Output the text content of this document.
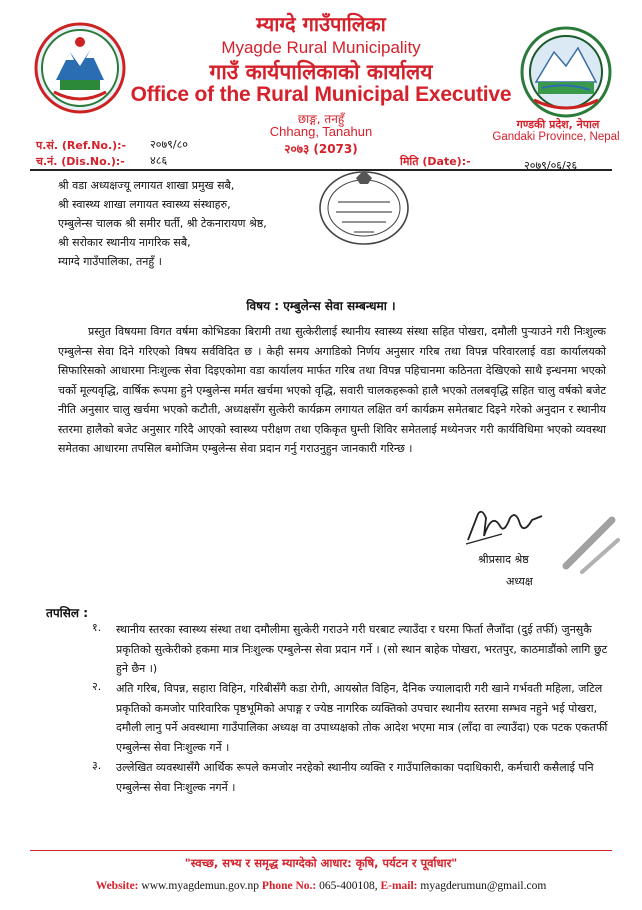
म्याग्दे गाउँपालिका
Myagde Rural Municipality
गाउँ कार्यपालिकाको कार्यालय
Office of the Rural Municipal Executive
छाङ्ग, तनहुँ
Chhang, Tanahun
२०७३ (2073)
गण्डकी प्रदेश, नेपाल
Gandaki Province, Nepal
प.सं. (Ref.No.):- २०७९/८०
च.नं. (Dis.No.):- ४८६	मिति (Date):-	२०७९/०६/२६
श्री वडा अध्यक्षज्यू लगायत शाखा प्रमुख सबै,
श्री स्वास्थ्य शाखा लगायत स्वास्थ्य संस्थाहरु,
एम्बुलेन्स चालक श्री समीर घर्ती, श्री टेकनारायण श्रेष्ठ,
श्री सरोकार स्थानीय नागरिक सबै,
म्याग्दे गाउँपालिका, तनहुँ ।
विषय : एम्बुलेन्स सेवा सम्बन्धमा ।
प्रस्तुत विषयमा विगत वर्षमा कोभिडका बिरामी तथा सुत्केरीलाई स्थानीय स्वास्थ्य संस्था सहित पोखरा, दमौली पुऱ्याउने गरी निःशुल्क एम्बुलेन्स सेवा दिने गरिएको विषय सर्वविदित छ । केही समय अगाडिको निर्णय अनुसार गरिब तथा विपन्न परिवारलाई वडा कार्यालयको सिफारिसको आधारमा निःशुल्क सेवा दिइएकोमा वडा कार्यालय मार्फत गरिब तथा विपन्न पहिचानमा कठिनता देखिएको साथै इन्धनमा भएको चर्को मूल्यवृद्धि, वार्षिक रूपमा हुने एम्बुलेन्स मर्मत खर्चमा भएको वृद्धि, सवारी चालकहरूको हालै भएको तलबवृद्धि सहित चालु वर्षको बजेट नीति अनुसार चालु खर्चमा भएको कटौती, अध्यक्षसँग सुत्केरी कार्यक्रम लगायत लक्षित वर्ग कार्यक्रम समेतबाट दिइने गरेको अनुदान र स्थानीय स्तरमा हालैको बजेट अनुसार गरिदै आएको स्वास्थ्य परीक्षण तथा एकिकृत घुम्ती शिविर समेतलाई मध्येनजर गरी कार्यविधिमा भएको व्यवस्था समेतका आधारमा तपसिल बमोजिम एम्बुलेन्स सेवा प्रदान गर्नु गराउनुहुन जानकारी गरिन्छ ।
श्रीप्रसाद श्रेष्ठ
अध्यक्ष
तपसिल :
१. स्थानीय स्तरका स्वास्थ्य संस्था तथा दमौलीमा सुत्केरी गराउने गरी घरबाट ल्याउँदा र घरमा फिर्ता लैजाँदा (दुई तर्फी) जुनसुकै प्रकृतिको सुत्केरीको हकमा मात्र निःशुल्क एम्बुलेन्स सेवा प्रदान गर्ने । (सो स्थान बाहेक पोखरा, भरतपुर, काठमाडौंको लागि छुट हुने छैन ।)
२. अति गरिब, विपन्न, सहारा विहिन, गरिबीसँगै कडा रोगी, आयस्रोत विहिन, दैनिक ज्यालादारी गरी खाने गर्भवती महिला, जटिल प्रकृतिको कमजोर पारिवारिक पृष्ठभूमिको अपाङ्ग र ज्येष्ठ नागरिक व्यक्तिको उपचार स्थानीय स्तरमा सम्भव नहुने भई पोखरा, दमौली लानु पर्ने अवस्थामा गाउँपालिका अध्यक्ष वा उपाध्यक्षको तोक आदेश भएमा मात्र (लाँदा वा ल्याउँदा) एक पटक एकतर्फी एम्बुलेन्स सेवा निःशुल्क गर्ने ।
३. उल्लेखित व्यवस्थासँगै आर्थिक रूपले कमजोर नरहेको स्थानीय व्यक्ति र गाउँपालिकाका पदाधिकारी, कर्मचारी कसैलाई पनि एम्बुलेन्स सेवा निःशुल्क नगर्ने ।
"स्वच्छ, सभ्य र समृद्ध म्याग्देको आधार: कृषि, पर्यटन र पूर्वाधार"
Website: www.myagdemun.gov.np Phone No.: 065-400108, E-mail: myagderumun@gmail.com
